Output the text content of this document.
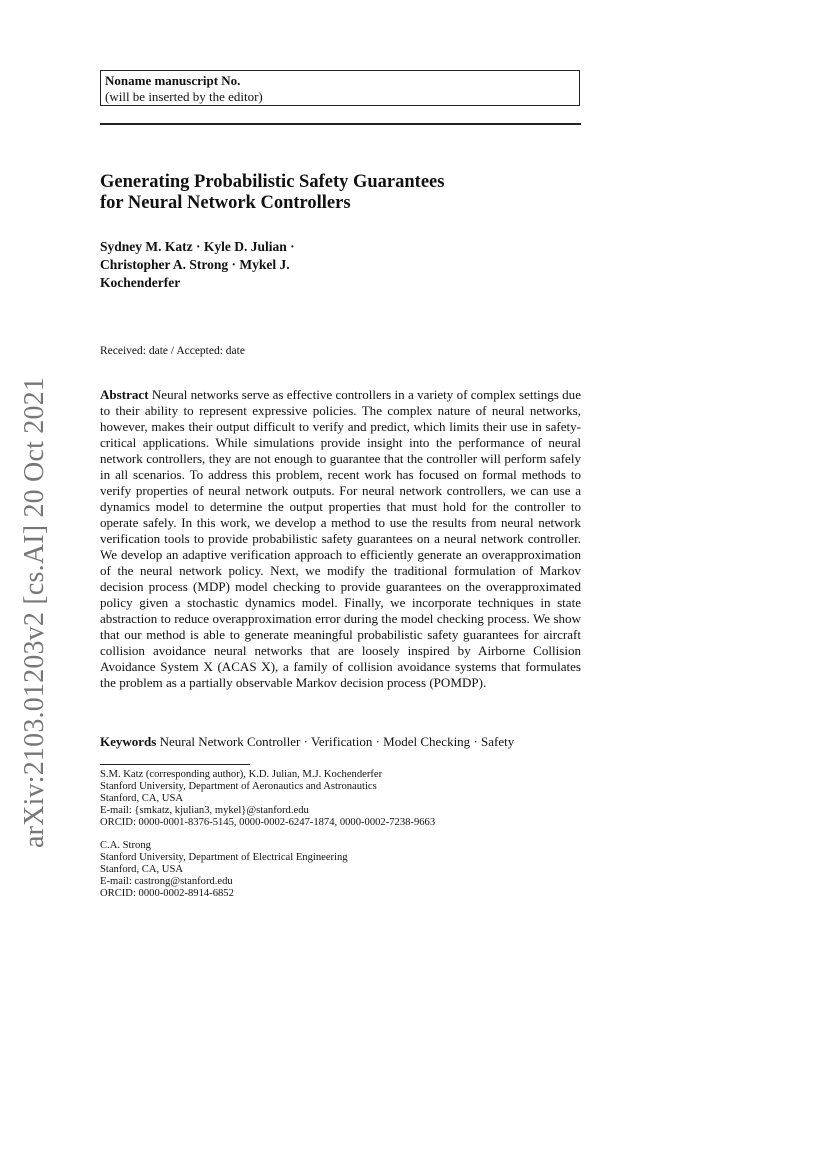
Noname manuscript No.
(will be inserted by the editor)
Generating Probabilistic Safety Guarantees
for Neural Network Controllers
Sydney M. Katz · Kyle D. Julian ·
Christopher A. Strong · Mykel J.
Kochenderfer
Received: date / Accepted: date
Abstract Neural networks serve as effective controllers in a variety of complex settings due to their ability to represent expressive policies. The complex nature of neural networks, however, makes their output difficult to verify and predict, which limits their use in safety-critical applications. While simulations provide insight into the performance of neural network controllers, they are not enough to guarantee that the controller will perform safely in all scenarios. To address this problem, recent work has focused on formal methods to verify properties of neural network outputs. For neural network controllers, we can use a dynamics model to determine the output properties that must hold for the controller to operate safely. In this work, we develop a method to use the results from neural network verification tools to provide probabilistic safety guarantees on a neural network controller. We develop an adaptive verification approach to efficiently generate an overapproximation of the neural network policy. Next, we modify the traditional formulation of Markov decision process (MDP) model checking to provide guarantees on the overapproximated policy given a stochastic dynamics model. Finally, we incorporate techniques in state abstraction to reduce overapproximation error during the model checking process. We show that our method is able to generate meaningful probabilistic safety guarantees for aircraft collision avoidance neural networks that are loosely inspired by Airborne Collision Avoidance System X (ACAS X), a family of collision avoidance systems that formulates the problem as a partially observable Markov decision process (POMDP).
Keywords Neural Network Controller · Verification · Model Checking · Safety
S.M. Katz (corresponding author), K.D. Julian, M.J. Kochenderfer
Stanford University, Department of Aeronautics and Astronautics
Stanford, CA, USA
E-mail: {smkatz, kjulian3, mykel}@stanford.edu
ORCID: 0000-0001-8376-5145, 0000-0002-6247-1874, 0000-0002-7238-9663
C.A. Strong
Stanford University, Department of Electrical Engineering
Stanford, CA, USA
E-mail: castrong@stanford.edu
ORCID: 0000-0002-8914-6852
arXiv:2103.01203v2 [cs.AI] 20 Oct 2021
